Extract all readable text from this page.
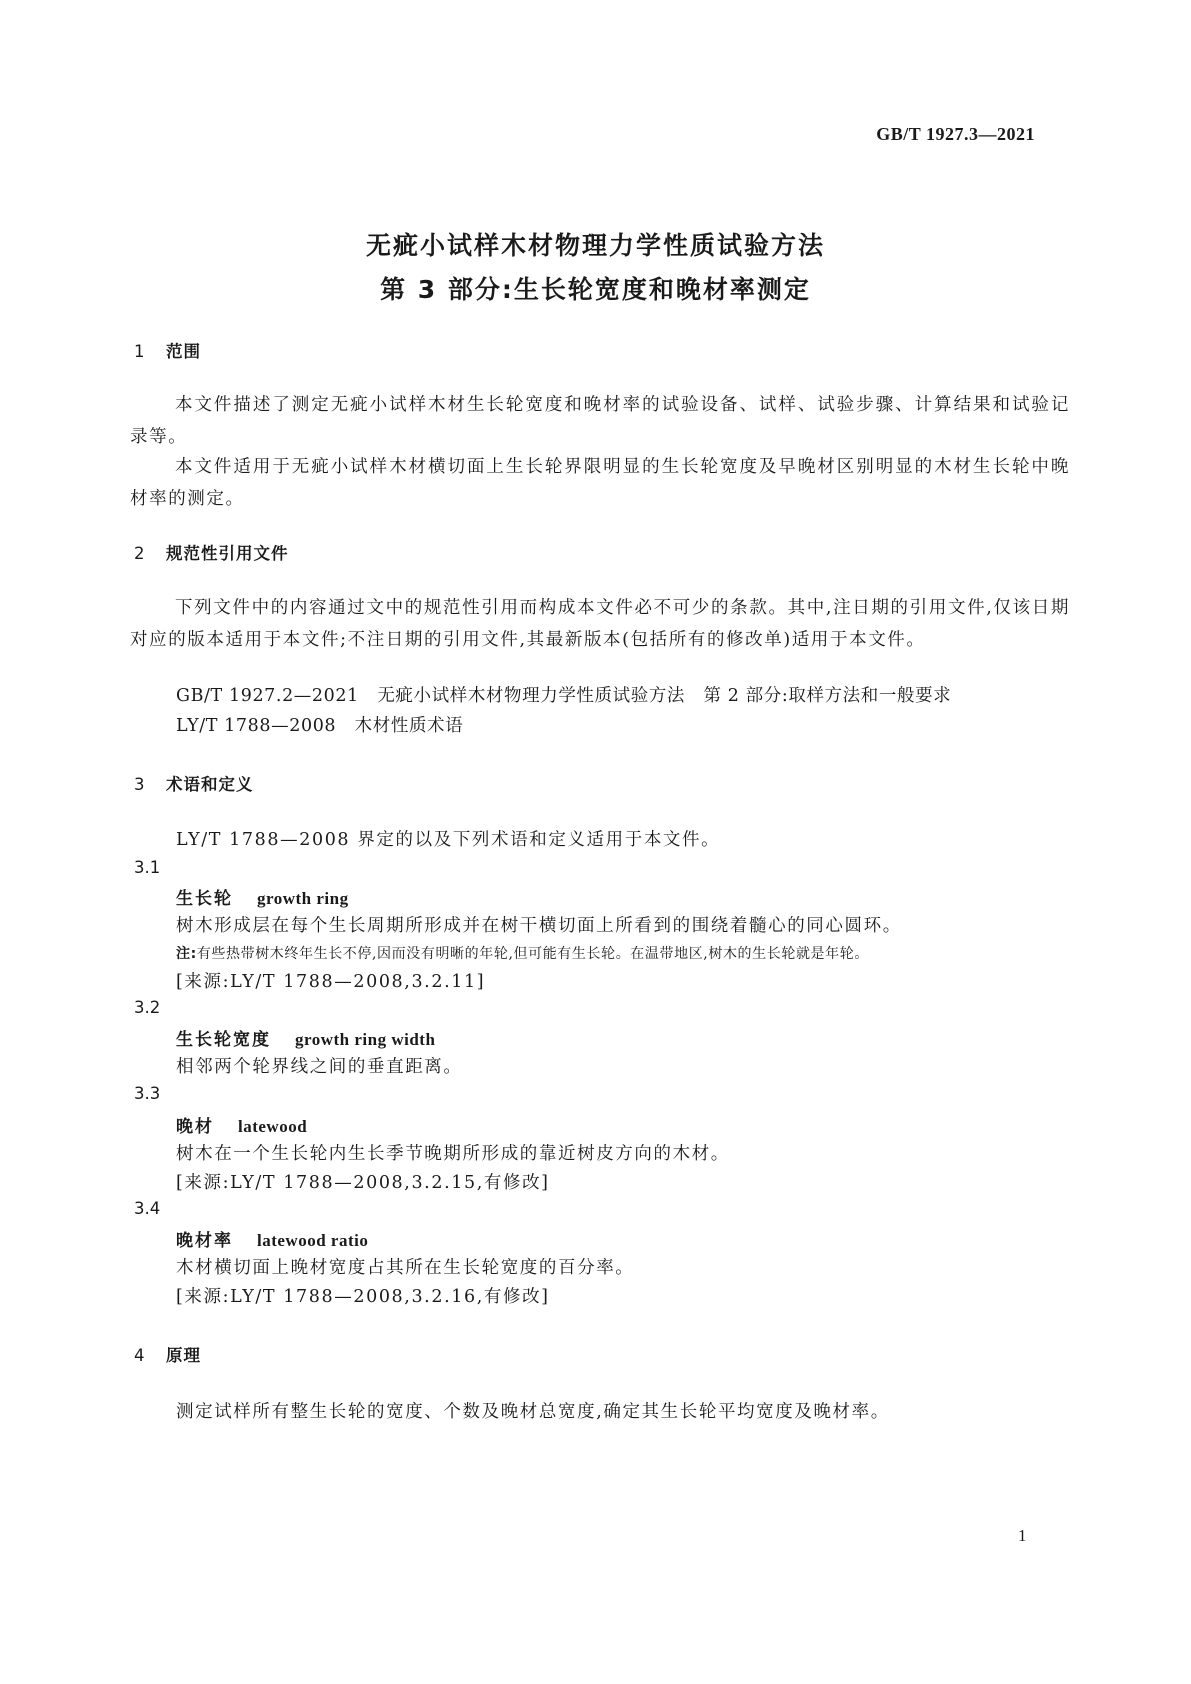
GB/T 1927.3—2021
无疵小试样木材物理力学性质试验方法
第 3 部分:生长轮宽度和晚材率测定
1 范围
本文件描述了测定无疵小试样木材生长轮宽度和晚材率的试验设备、试样、试验步骤、计算结果和试验记录等。
本文件适用于无疵小试样木材横切面上生长轮界限明显的生长轮宽度及早晚材区别明显的木材生长轮中晚材率的测定。
2 规范性引用文件
下列文件中的内容通过文中的规范性引用而构成本文件必不可少的条款。其中,注日期的引用文件,仅该日期对应的版本适用于本文件;不注日期的引用文件,其最新版本(包括所有的修改单)适用于本文件。
GB/T 1927.2—2021   无疵小试样木材物理力学性质试验方法   第 2 部分:取样方法和一般要求
LY/T 1788—2008   木材性质术语
3 术语和定义
LY/T 1788—2008 界定的以及下列术语和定义适用于本文件。
3.1
生长轮 growth ring
树木形成层在每个生长周期所形成并在树干横切面上所看到的围绕着髓心的同心圆环。
注:有些热带树木终年生长不停,因而没有明晰的年轮,但可能有生长轮。在温带地区,树木的生长轮就是年轮。
[来源:LY/T 1788—2008,3.2.11]
3.2
生长轮宽度 growth ring width
相邻两个轮界线之间的垂直距离。
3.3
晚材 latewood
树木在一个生长轮内生长季节晚期所形成的靠近树皮方向的木材。
[来源:LY/T 1788—2008,3.2.15,有修改]
3.4
晚材率 latewood ratio
木材横切面上晚材宽度占其所在生长轮宽度的百分率。
[来源:LY/T 1788—2008,3.2.16,有修改]
4 原理
测定试样所有整生长轮的宽度、个数及晚材总宽度,确定其生长轮平均宽度及晚材率。
1
